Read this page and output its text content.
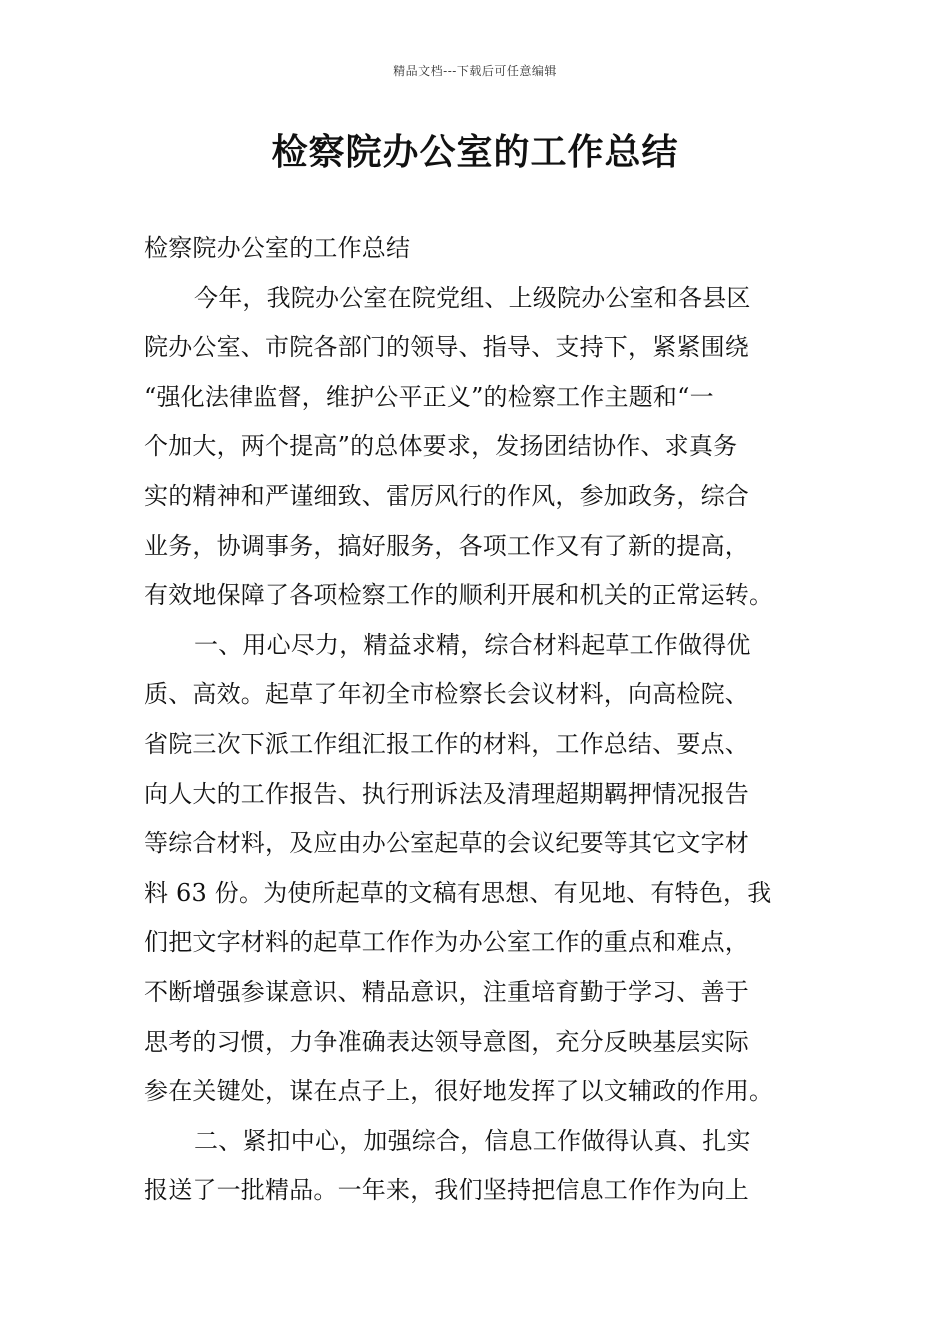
精品文档---下载后可任意编辑
检察院办公室的工作总结
检察院办公室的工作总结
今年，我院办公室在院党组、上级院办公室和各县区
院办公室、市院各部门的领导、指导、支持下，紧紧围绕
“强化法律监督，维护公平正义”的检察工作主题和“一
个加大，两个提高”的总体要求，发扬团结协作、求真务
实的精神和严谨细致、雷厉风行的作风，参加政务，综合
业务，协调事务，搞好服务，各项工作又有了新的提高，
有效地保障了各项检察工作的顺利开展和机关的正常运转。
一、用心尽力，精益求精，综合材料起草工作做得优
质、高效。起草了年初全市检察长会议材料，向高检院、
省院三次下派工作组汇报工作的材料，工作总结、要点、
向人大的工作报告、执行刑诉法及清理超期羁押情况报告
等综合材料，及应由办公室起草的会议纪要等其它文字材
料 63 份。为使所起草的文稿有思想、有见地、有特色，我
们把文字材料的起草工作作为办公室工作的重点和难点，
不断增强参谋意识、精品意识，注重培育勤于学习、善于
思考的习惯，力争准确表达领导意图，充分反映基层实际
参在关键处，谋在点子上，很好地发挥了以文辅政的作用。
二、紧扣中心，加强综合，信息工作做得认真、扎实
报送了一批精品。一年来，我们坚持把信息工作作为向上
